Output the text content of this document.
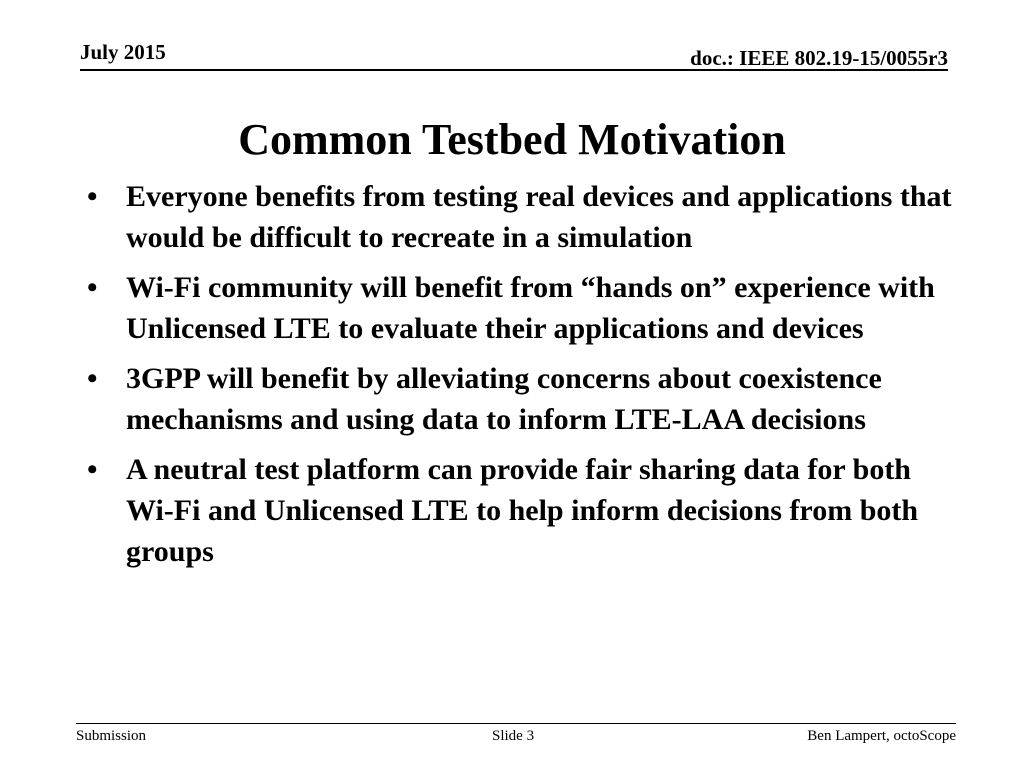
July 2015	doc.: IEEE 802.19-15/0055r3
Common Testbed Motivation
• Everyone benefits from testing real devices and applications that would be difficult to recreate in a simulation
• Wi-Fi community will benefit from “hands on” experience with Unlicensed LTE to evaluate their applications and devices
• 3GPP will benefit by alleviating concerns about coexistence mechanisms and using data to inform LTE-LAA decisions
• A neutral test platform can provide fair sharing data for both Wi-Fi and Unlicensed LTE to help inform decisions from both groups
Submission	Slide 3	Ben Lampert, octoScope
